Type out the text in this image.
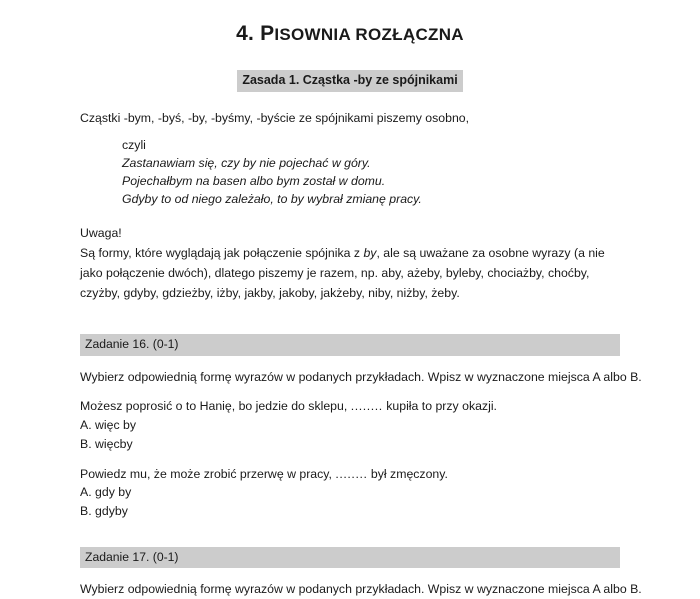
4. PISOWNIA ROZŁĄCZNA
Zasada 1. Cząstka -by ze spójnikami

Cząstki -bym, -byś, -by, -byśmy, -byście ze spójnikami piszemy osobno,

czyli
Zastanawiam się, czy by nie pojechać w góry.
Pojechałbym na basen albo bym został w domu.
Gdyby to od niego zależało, to by wybrał zmianę pracy.

Uwaga!
Są formy, które wyglądają jak połączenie spójnika z by, ale są uważane za osobne wyrazy (a nie jako połączenie dwóch), dlatego piszemy je razem, np. aby, ażeby, byleby, chociażby, choćby, czyżby, gdyby, gdzieżby, iżby, jakby, jakoby, jakżeby, niby, niżby, żeby.

Zadanie 16. (0-1)

Wybierz odpowiednią formę wyrazów w podanych przykładach. Wpisz w wyznaczone miejsca A albo B.

Możesz poprosić o to Hanię, bo jedzie do sklepu, ........ kupiła to przy okazji.

A. więc by

B. więcby

Powiedz mu, że może zrobić przerwę w pracy, ........ był zmęczony.

A. gdy by

B. gdyby

Zadanie 17. (0-1)

Wybierz odpowiednią formę wyrazów w podanych przykładach. Wpisz w wyznaczone miejsca A albo B.
